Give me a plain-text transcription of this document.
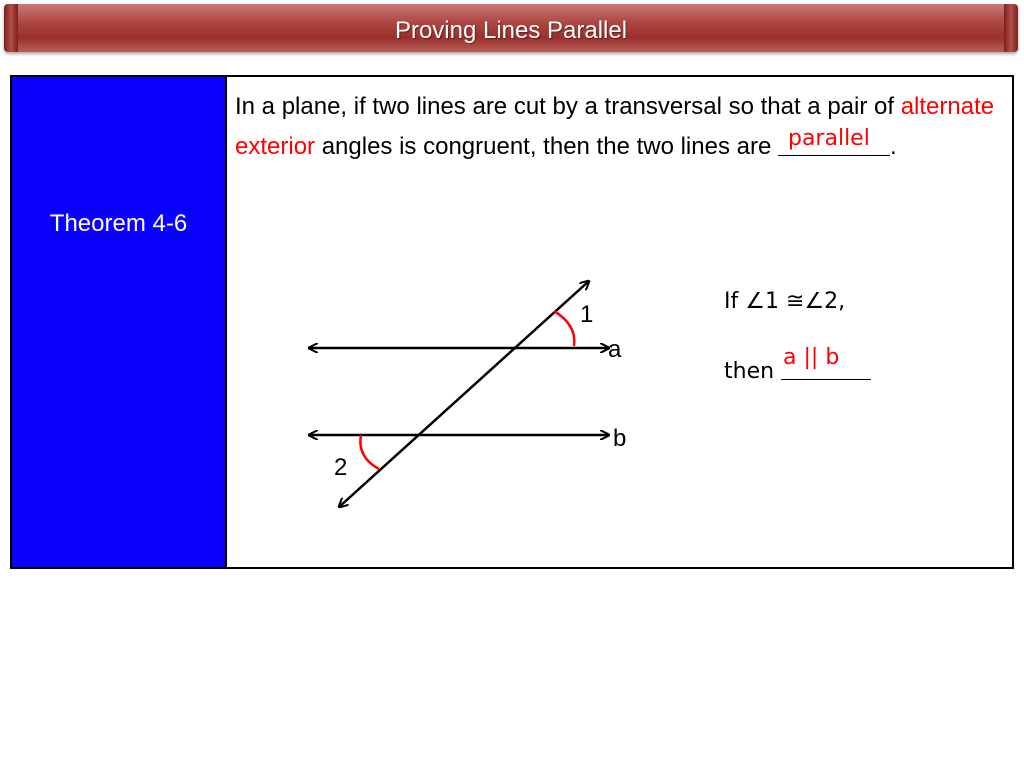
Proving Lines Parallel
Theorem 4-6

In a plane, if two lines are cut by a transversal so that a pair of alternate exterior angles is congruent, then the two lines are parallel .

1
2
a
b
If ∠1 ≅∠2,
then
a || b
